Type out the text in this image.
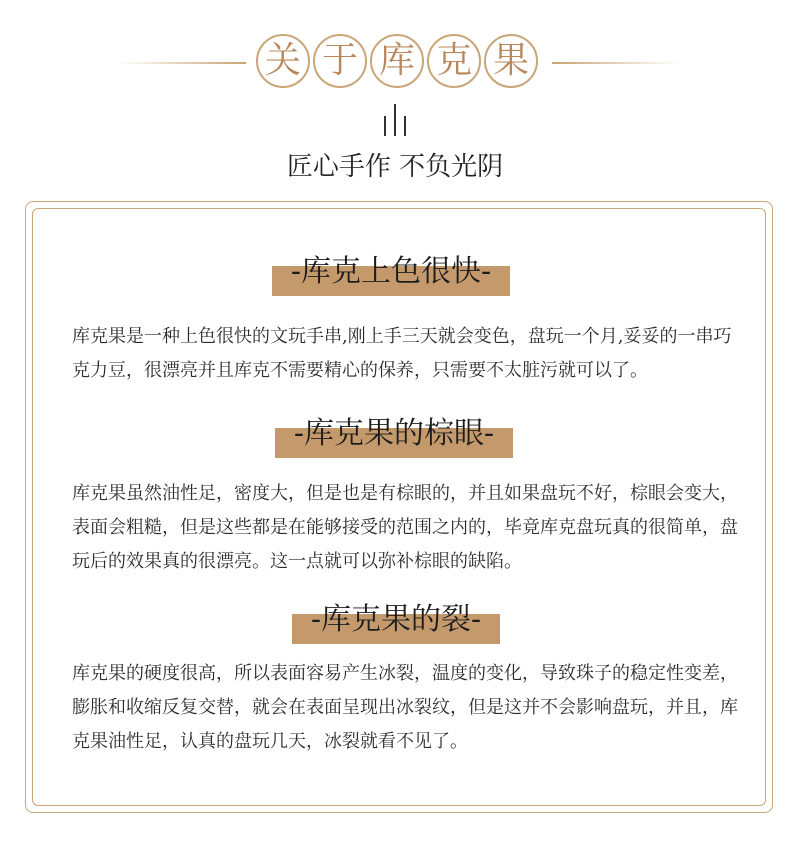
关 于 库 克 果
匠心手作 不负光阴
-库克上色很快-

库克果是一种上色很快的文玩手串,刚上手三天就会变色，盘玩一个月,妥妥的一串巧克力豆，很漂亮并且库克不需要精心的保养，只需要不太脏污就可以了。

-库克果的棕眼-

库克果虽然油性足，密度大，但是也是有棕眼的，并且如果盘玩不好，棕眼会变大，表面会粗糙，但是这些都是在能够接受的范围之内的，毕竟库克盘玩真的很简单，盘玩后的效果真的很漂亮。这一点就可以弥补棕眼的缺陷。

-库克果的裂-

库克果的硬度很高，所以表面容易产生冰裂，温度的变化，导致珠子的稳定性变差，膨胀和收缩反复交替，就会在表面呈现出冰裂纹，但是这并不会影响盘玩，并且，库克果油性足，认真的盘玩几天，冰裂就看不见了。
